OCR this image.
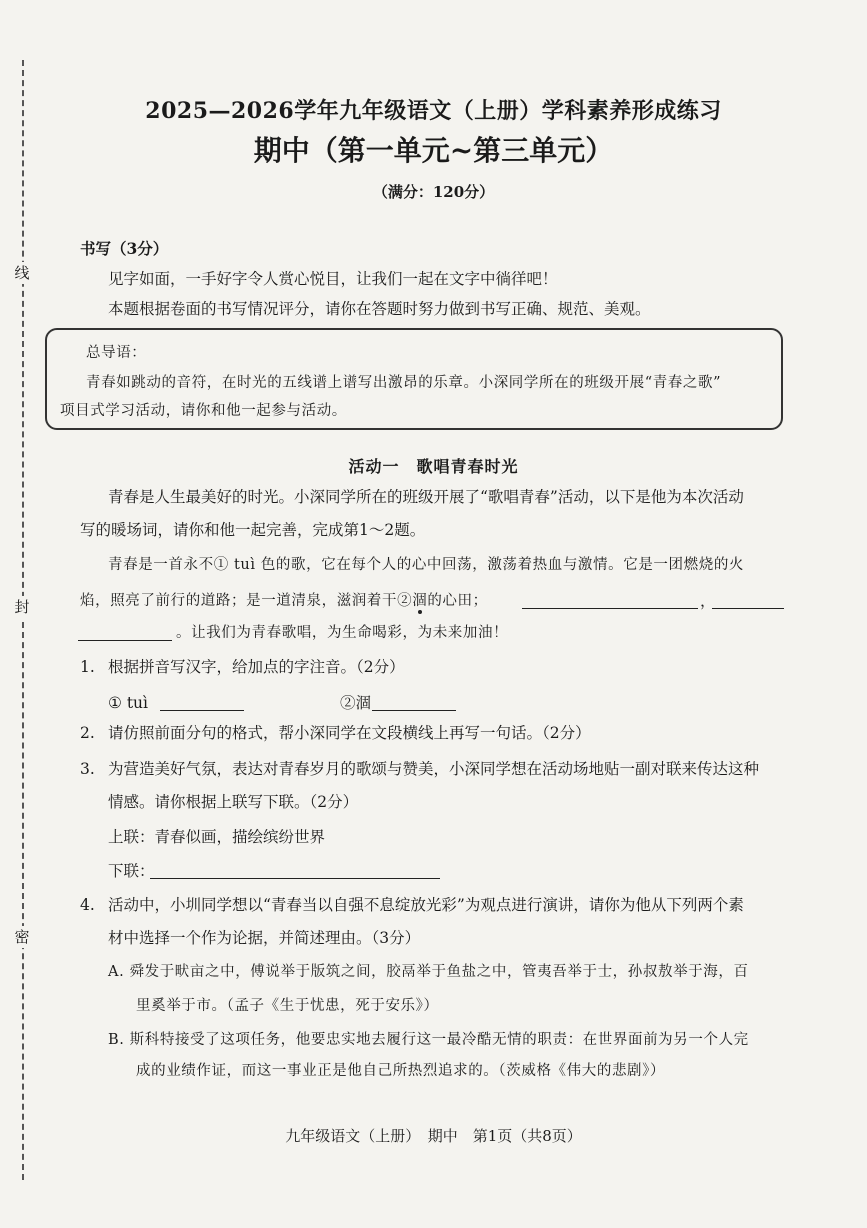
线
封
密
2025—2026学年九年级语文（上册）学科素养形成练习
期中（第一单元~第三单元）
（满分：120分）
书写（3分）
见字如面，一手好字令人赏心悦目，让我们一起在文字中徜徉吧！
本题根据卷面的书写情况评分，请你在答题时努力做到书写正确、规范、美观。
总导语：
青春如跳动的音符，在时光的五线谱上谱写出激昂的乐章。小深同学所在的班级开展“青春之歌”
项目式学习活动，请你和他一起参与活动。
活动一　歌唱青春时光
青春是人生最美好的时光。小深同学所在的班级开展了“歌唱青春”活动，以下是他为本次活动
写的暖场词，请你和他一起完善，完成第1～2题。
青春是一首永不① tuì 色的歌，它在每个人的心中回荡，激荡着热血与激情。它是一团燃烧的火
焰，照亮了前行的道路；是一道清泉，滋润着干②涸的心田；	，
。让我们为青春歌唱，为生命喝彩，为未来加油！
1. 根据拼音写汉字，给加点的字注音。（2分）
① tuì	②涸
2. 请仿照前面分句的格式，帮小深同学在文段横线上再写一句话。（2分）
3. 为营造美好气氛，表达对青春岁月的歌颂与赞美，小深同学想在活动场地贴一副对联来传达这种
情感。请你根据上联写下联。（2分）
上联：青春似画，描绘缤纷世界
下联：
4. 活动中，小圳同学想以“青春当以自强不息绽放光彩”为观点进行演讲，请你为他从下列两个素
材中选择一个作为论据，并简述理由。（3分）
A. 舜发于畎亩之中，傅说举于版筑之间，胶鬲举于鱼盐之中，管夷吾举于士，孙叔敖举于海，百
里奚举于市。（孟子《生于忧患，死于安乐》）
B. 斯科特接受了这项任务，他要忠实地去履行这一最冷酷无情的职责：在世界面前为另一个人完
成的业绩作证，而这一事业正是他自己所热烈追求的。（茨威格《伟大的悲剧》）
九年级语文（上册）　期中　第1页（共8页）
